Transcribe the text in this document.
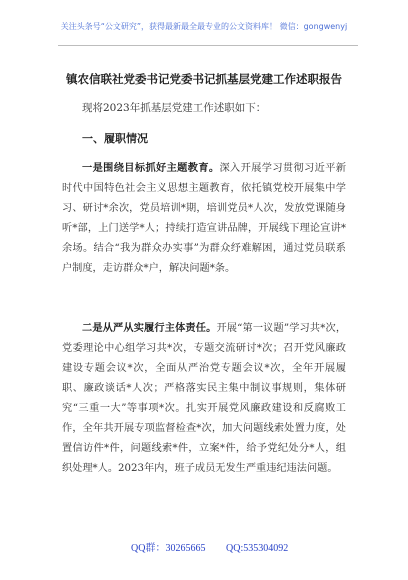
关注头条号“公文研究”，获得最新最全最专业的公文资料库！ 微信：gongwenyj
镇农信联社党委书记党委书记抓基层党建工作述职报告
现将2023年抓基层党建工作述职如下：
一、履职情况
一是围绕目标抓好主题教育。深入开展学习贯彻习近平新时代中国特色社会主义思想主题教育，依托镇党校开展集中学习、研讨*余次，党员培训*期，培训党员*人次，发放党课随身听*部，上门送学*人；持续打造宣讲品牌，开展线下理论宣讲*余场。结合“我为群众办实事”为群众纾难解困，通过党员联系户制度，走访群众*户，解决问题*条。
二是从严从实履行主体责任。开展“第一议题”学习共*次，党委理论中心组学习共*次，专题交流研讨*次；召开党风廉政建设专题会议*次，全面从严治党专题会议*次，全年开展履职、廉政谈话*人次；严格落实民主集中制议事规则，集体研究“三重一大”等事项*次。扎实开展党风廉政建设和反腐败工作，全年共开展专项监督检查*次，加大问题线索处置力度，处置信访件*件，问题线索*件，立案*件，给予党纪处分*人，组织处理*人。2023年内，班子成员无发生严重违纪违法问题。
QQ群：30265665 QQ:535304092
